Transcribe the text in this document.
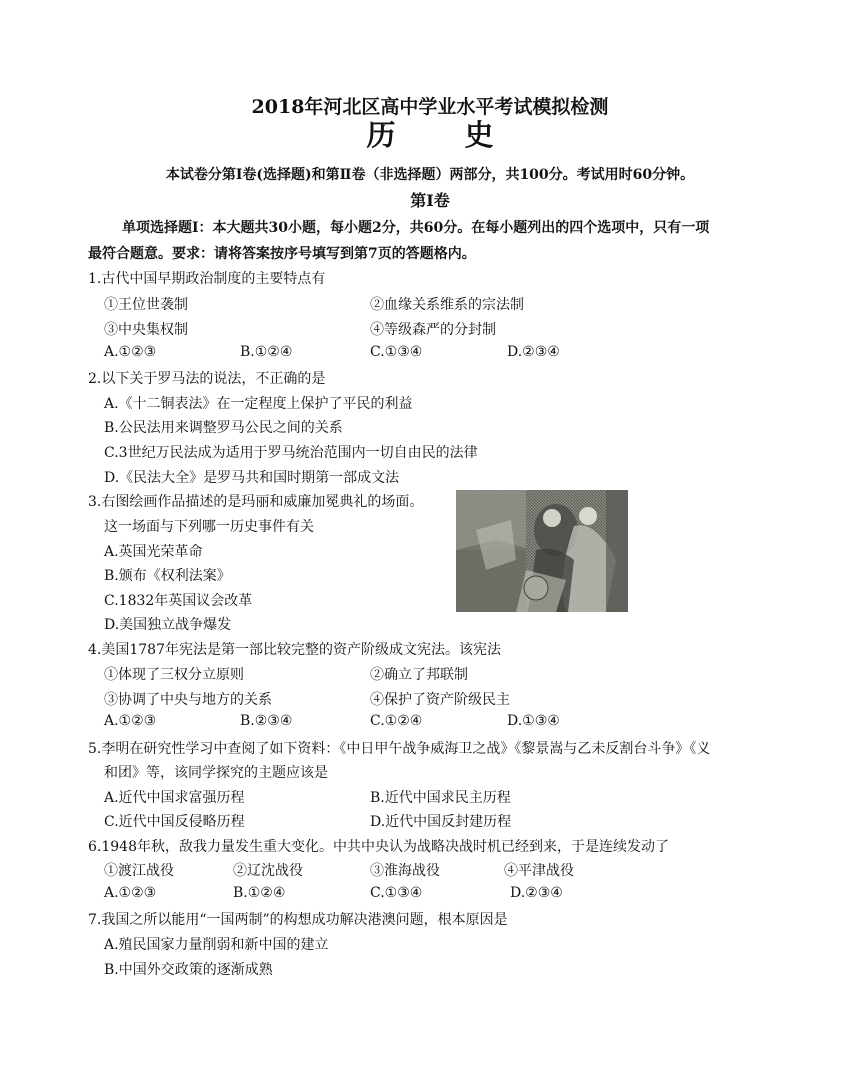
2018年河北区高中学业水平考试模拟检测
历　史
本试卷分第Ⅰ卷(选择题)和第Ⅱ卷（非选择题）两部分，共100分。考试用时60分钟。
第Ⅰ卷
单项选择题Ⅰ：本大题共30小题，每小题2分，共60分。在每小题列出的四个选项中，只有一项
最符合题意。要求：请将答案按序号填写到第7页的答题格内。
1.古代中国早期政治制度的主要特点有
①王位世袭制	②血缘关系维系的宗法制
③中央集权制	④等级森严的分封制
A.①②③	B.①②④	C.①③④	D.②③④
2.以下关于罗马法的说法，不正确的是
A.《十二铜表法》在一定程度上保护了平民的利益
B.公民法用来调整罗马公民之间的关系
C.3世纪万民法成为适用于罗马统治范围内一切自由民的法律
D.《民法大全》是罗马共和国时期第一部成文法
3.右图绘画作品描述的是玛丽和威廉加冕典礼的场面。
这一场面与下列哪一历史事件有关
A.英国光荣革命
B.颁布《权利法案》
C.1832年英国议会改革
D.美国独立战争爆发
4.美国1787年宪法是第一部比较完整的资产阶级成文宪法。该宪法
①体现了三权分立原则	②确立了邦联制
③协调了中央与地方的关系	④保护了资产阶级民主
A.①②③	B.②③④	C.①②④	D.①③④
5.李明在研究性学习中查阅了如下资料：《中日甲午战争威海卫之战》《黎景嵩与乙未反割台斗争》《义
和团》等，该同学探究的主题应该是
A.近代中国求富强历程	B.近代中国求民主历程
C.近代中国反侵略历程	D.近代中国反封建历程
6.1948年秋，敌我力量发生重大变化。中共中央认为战略决战时机已经到来，于是连续发动了
①渡江战役	②辽沈战役	③淮海战役	④平津战役
A.①②③	B.①②④	C.①③④	D.②③④
7.我国之所以能用“一国两制”的构想成功解决港澳问题，根本原因是
A.殖民国家力量削弱和新中国的建立
B.中国外交政策的逐渐成熟
